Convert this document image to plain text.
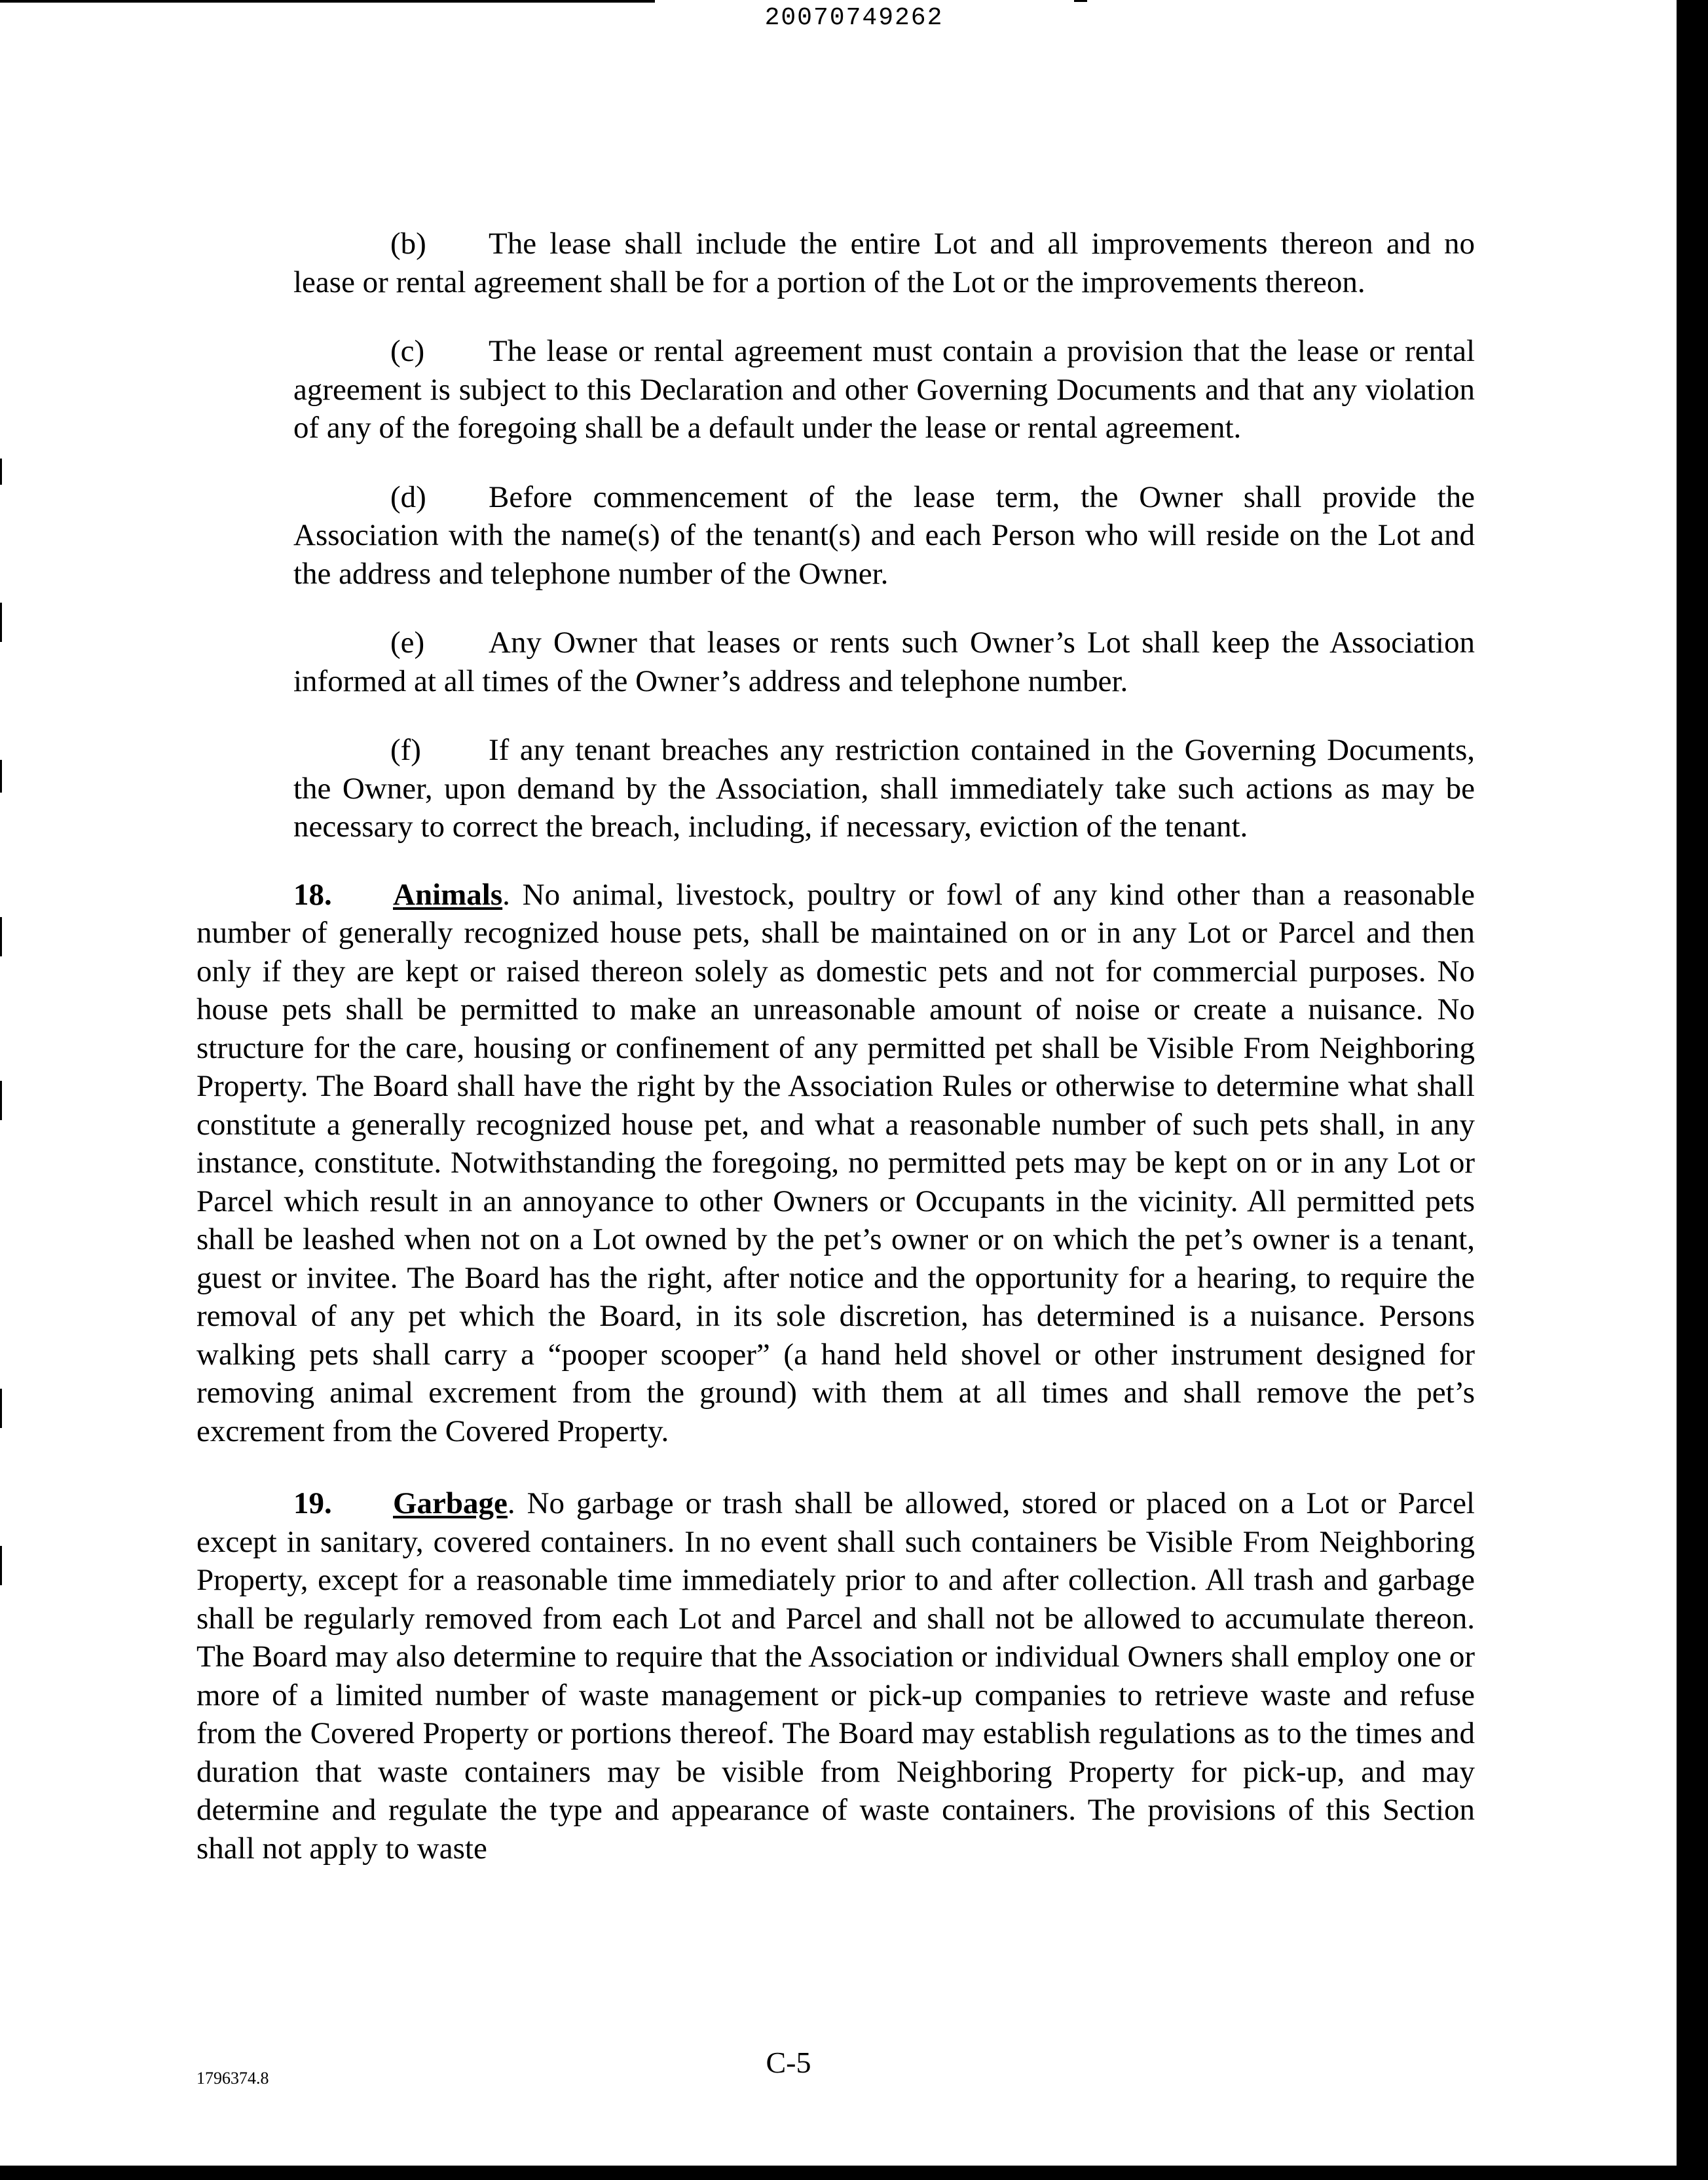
20070749262

(b) The lease shall include the entire Lot and all improvements thereon and no lease or rental agreement shall be for a portion of the Lot or the improvements thereon.

(c) The lease or rental agreement must contain a provision that the lease or rental agreement is subject to this Declaration and other Governing Documents and that any violation of any of the foregoing shall be a default under the lease or rental agreement.

(d) Before commencement of the lease term, the Owner shall provide the Association with the name(s) of the tenant(s) and each Person who will reside on the Lot and the address and telephone number of the Owner.

(e) Any Owner that leases or rents such Owner’s Lot shall keep the Association informed at all times of the Owner’s address and telephone number.

(f) If any tenant breaches any restriction contained in the Governing Documents, the Owner, upon demand by the Association, shall immediately take such actions as may be necessary to correct the breach, including, if necessary, eviction of the tenant.

18. Animals. No animal, livestock, poultry or fowl of any kind other than a reasonable number of generally recognized house pets, shall be maintained on or in any Lot or Parcel and then only if they are kept or raised thereon solely as domestic pets and not for commercial purposes. No house pets shall be permitted to make an unreasonable amount of noise or create a nuisance. No structure for the care, housing or confinement of any permitted pet shall be Visible From Neighboring Property. The Board shall have the right by the Association Rules or otherwise to determine what shall constitute a generally recognized house pet, and what a reasonable number of such pets shall, in any instance, constitute. Notwithstanding the foregoing, no permitted pets may be kept on or in any Lot or Parcel which result in an annoyance to other Owners or Occupants in the vicinity. All permitted pets shall be leashed when not on a Lot owned by the pet’s owner or on which the pet’s owner is a tenant, guest or invitee. The Board has the right, after notice and the opportunity for a hearing, to require the removal of any pet which the Board, in its sole discretion, has determined is a nuisance. Persons walking pets shall carry a “pooper scooper” (a hand held shovel or other instrument designed for removing animal excrement from the ground) with them at all times and shall remove the pet’s excrement from the Covered Property.

19. Garbage. No garbage or trash shall be allowed, stored or placed on a Lot or Parcel except in sanitary, covered containers. In no event shall such containers be Visible From Neighboring Property, except for a reasonable time immediately prior to and after collection. All trash and garbage shall be regularly removed from each Lot and Parcel and shall not be allowed to accumulate thereon. The Board may also determine to require that the Association or individual Owners shall employ one or more of a limited number of waste management or pick-up companies to retrieve waste and refuse from the Covered Property or portions thereof. The Board may establish regulations as to the times and duration that waste containers may be visible from Neighboring Property for pick-up, and may determine and regulate the type and appearance of waste containers. The provisions of this Section shall not apply to waste

1796374.8	C-5
